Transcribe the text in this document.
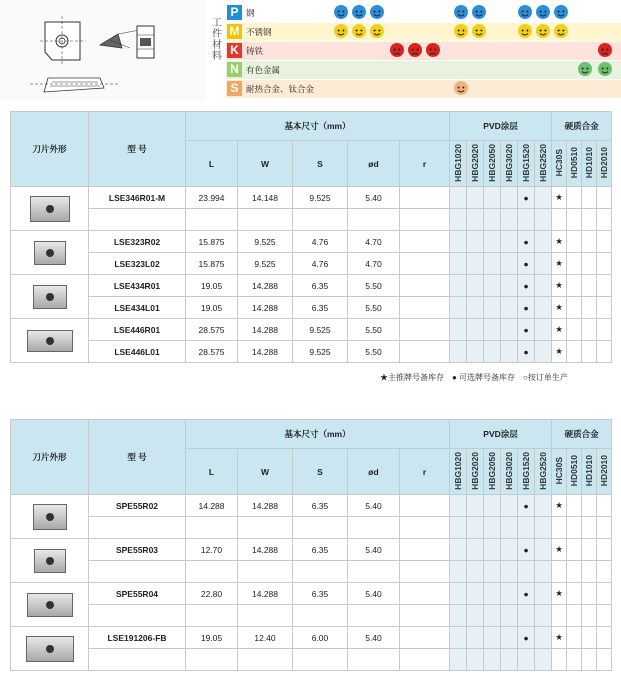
工件材料
P 钢
M 不锈钢
K 铸铁
N 有色金属
S 耐热合金、钛合金
刀片外形	型 号	基本尺寸（mm）					PVD涂层						硬质合金			
		L	W	S	ød	r	HBG1020	HBG2020	HBG2050	HBG3020	HBG1520	HBG2520	HC30S	HD0510	HD1010	HD2010

	LSE346R01-M	23.994	14.148	9.525	5.40						●		★			

	LSE323R02	15.875	9.525	4.76	4.70						●		★			
	LSE323L02	15.875	9.525	4.76	4.70						●		★			

	LSE434R01	19.05	14.288	6.35	5.50						●		★			
	LSE434L01	19.05	14.288	6.35	5.50						●		★			

	LSE446R01	28.575	14.288	9.525	5.50						●		★			
	LSE446L01	28.575	14.288	9.525	5.50						●		★			
★主推牌号备库存　● 可选牌号备库存　○按订单生产
刀片外形	型 号	基本尺寸（mm）					PVD涂层						硬质合金			
		L	W	S	ød	r	HBG1020	HBG2020	HBG2050	HBG3020	HBG1520	HBG2520	HC30S	HD0510	HD1010	HD2010

	SPE55R02	14.288	14.288	6.35	5.40						●		★			

	SPE55R03	12.70	14.288	6.35	5.40						●		★			

	SPE55R04	22.80	14.288	6.35	5.40						●		★			

	LSE191206-FB	19.05	12.40	6.00	5.40						●		★			
